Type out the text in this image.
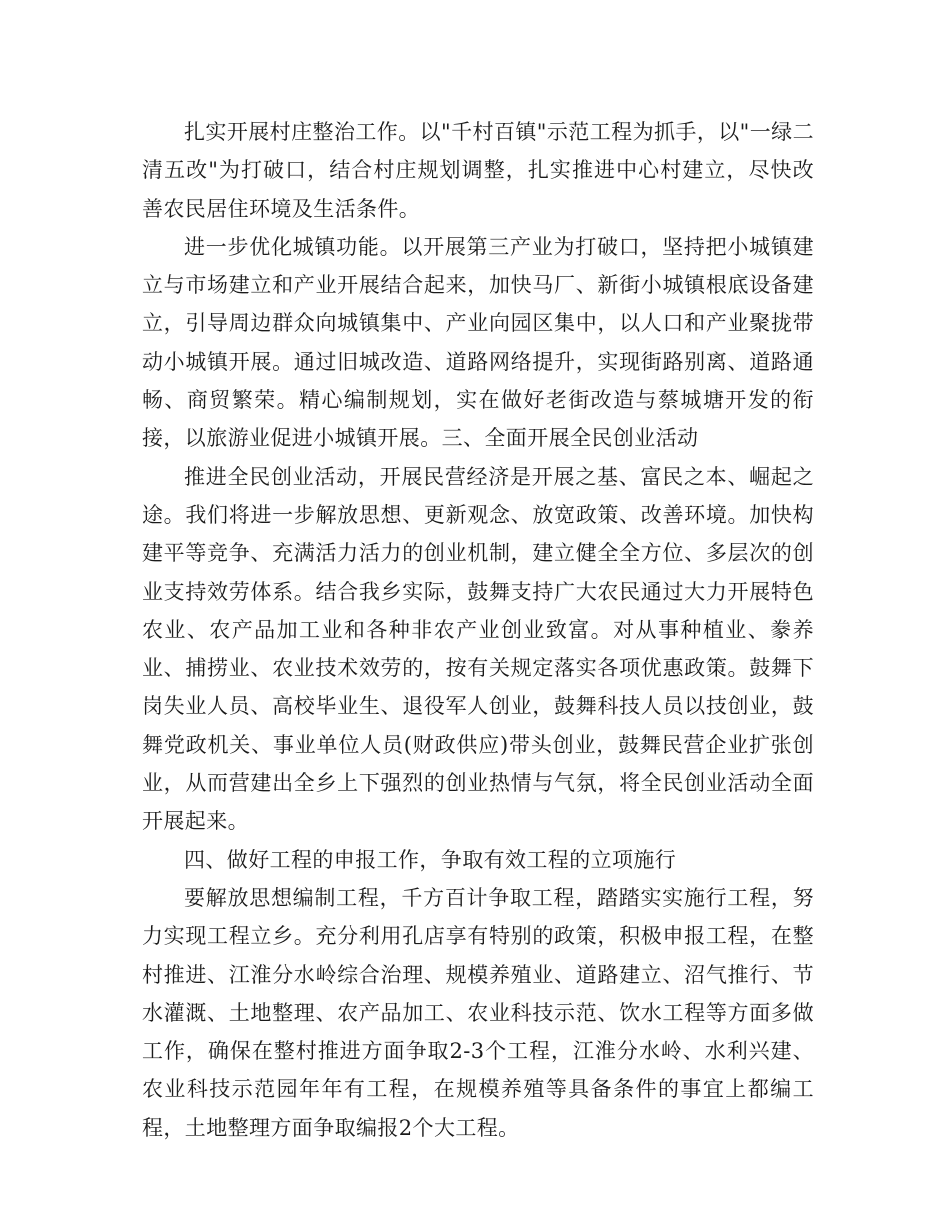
扎实开展村庄整治工作。以"千村百镇"示范工程为抓手，以"一绿二清五改"为打破口，结合村庄规划调整，扎实推进中心村建立，尽快改善农民居住环境及生活条件。

进一步优化城镇功能。以开展第三产业为打破口，坚持把小城镇建立与市场建立和产业开展结合起来，加快马厂、新街小城镇根底设备建立，引导周边群众向城镇集中、产业向园区集中，以人口和产业聚拢带动小城镇开展。通过旧城改造、道路网络提升，实现街路别离、道路通畅、商贸繁荣。精心编制规划，实在做好老街改造与蔡城塘开发的衔接，以旅游业促进小城镇开展。三、全面开展全民创业活动

推进全民创业活动，开展民营经济是开展之基、富民之本、崛起之途。我们将进一步解放思想、更新观念、放宽政策、改善环境。加快构建平等竞争、充满活力活力的创业机制，建立健全全方位、多层次的创业支持效劳体系。结合我乡实际，鼓舞支持广大农民通过大力开展特色农业、农产品加工业和各种非农产业创业致富。对从事种植业、豢养业、捕捞业、农业技术效劳的，按有关规定落实各项优惠政策。鼓舞下岗失业人员、高校毕业生、退役军人创业，鼓舞科技人员以技创业，鼓舞党政机关、事业单位人员(财政供应)带头创业，鼓舞民营企业扩张创业，从而营建出全乡上下强烈的创业热情与气氛，将全民创业活动全面开展起来。

四、做好工程的申报工作，争取有效工程的立项施行

要解放思想编制工程，千方百计争取工程，踏踏实实施行工程，努力实现工程立乡。充分利用孔店享有特别的政策，积极申报工程，在整村推进、江淮分水岭综合治理、规模养殖业、道路建立、沼气推行、节水灌溉、土地整理、农产品加工、农业科技示范、饮水工程等方面多做工作，确保在整村推进方面争取2-3个工程，江淮分水岭、水利兴建、农业科技示范园年年有工程，在规模养殖等具备条件的事宜上都编工程，土地整理方面争取编报2个大工程。
